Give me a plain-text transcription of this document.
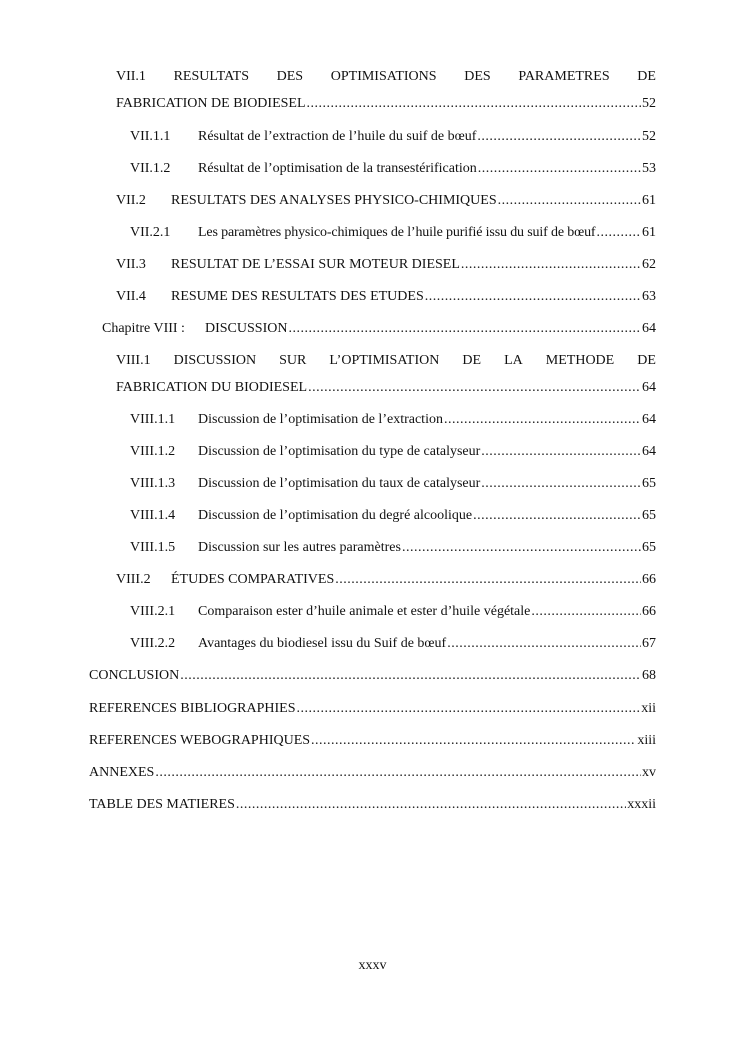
VII.1 RESULTATS DES OPTIMISATIONS DES PARAMETRES DE
FABRICATION DE BIODIESEL .....	52
VII.1.1	Résultat de l’extraction de l’huile du suif de bœuf .....	52
VII.1.2	Résultat de l’optimisation de la transestérification .....	53
VII.2	RESULTATS DES ANALYSES PHYSICO-CHIMIQUES .....	61
VII.2.1	Les paramètres physico-chimiques de l’huile purifié issu du suif de bœuf .....	61
VII.3	RESULTAT DE L’ESSAI SUR MOTEUR DIESEL .....	62
VII.4	RESUME DES RESULTATS DES ETUDES .....	63
Chapitre VIII :	DISCUSSION .....	64
VIII.1 DISCUSSION SUR L’OPTIMISATION DE LA METHODE DE
FABRICATION DU BIODIESEL .....	64
VIII.1.1	Discussion de l’optimisation de l’extraction .....	64
VIII.1.2	Discussion de l’optimisation du type de catalyseur .....	64
VIII.1.3	Discussion de l’optimisation du taux de catalyseur .....	65
VIII.1.4	Discussion de l’optimisation du degré alcoolique .....	65
VIII.1.5	Discussion sur les autres paramètres .....	65
VIII.2	ÉTUDES COMPARATIVES .....	66
VIII.2.1	Comparaison ester d’huile animale et ester d’huile végétale .....	66
VIII.2.2	Avantages du biodiesel issu du Suif de bœuf .....	67
CONCLUSION .....	68
REFERENCES BIBLIOGRAPHIES .....	xii
REFERENCES WEBOGRAPHIQUES .....	xiii
ANNEXES .....	xv
TABLE DES MATIERES .....	xxxii
xxxv
